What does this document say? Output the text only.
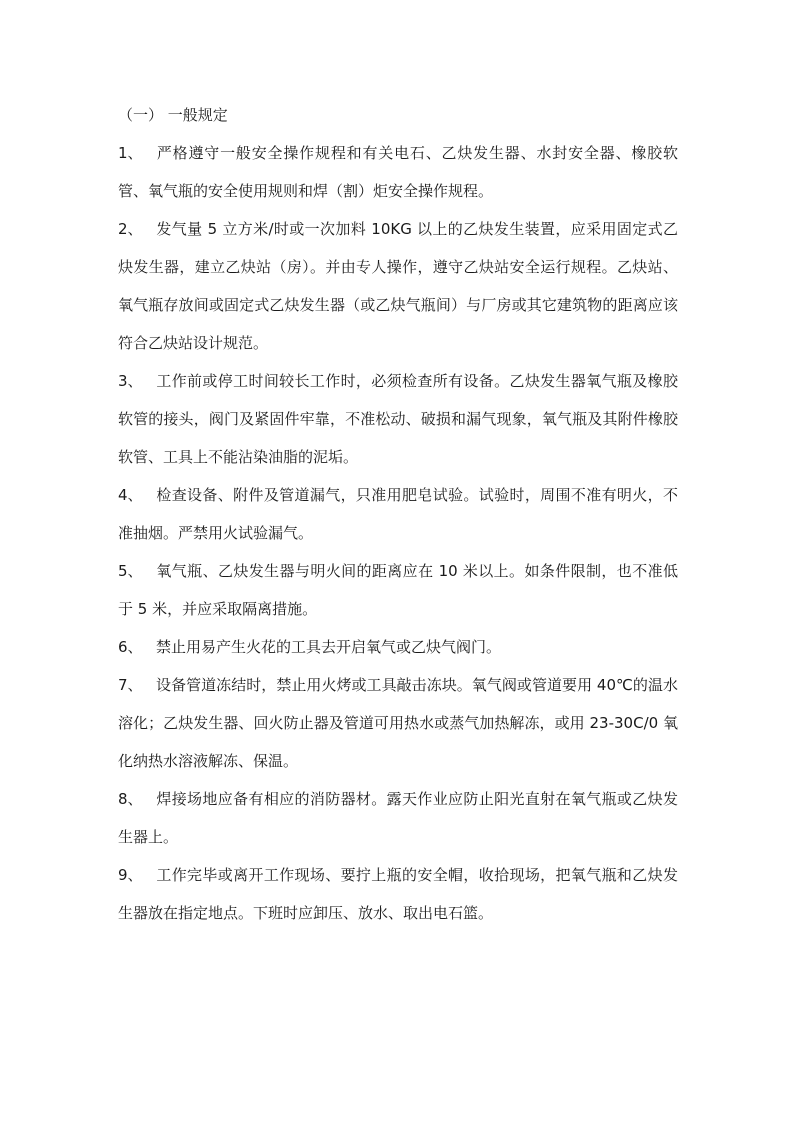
（一） 一般规定

1、 严格遵守一般安全操作规程和有关电石、乙炔发生器、水封安全器、橡胶软管、氧气瓶的安全使用规则和焊（割）炬安全操作规程。

2、 发气量 5 立方米/时或一次加料 10KG 以上的乙炔发生装置，应采用固定式乙炔发生器，建立乙炔站（房）。并由专人操作，遵守乙炔站安全运行规程。乙炔站、氧气瓶存放间或固定式乙炔发生器（或乙炔气瓶间）与厂房或其它建筑物的距离应该符合乙炔站设计规范。

3、 工作前或停工时间较长工作时，必须检查所有设备。乙炔发生器氧气瓶及橡胶软管的接头，阀门及紧固件牢靠，不准松动、破损和漏气现象，氧气瓶及其附件橡胶软管、工具上不能沾染油脂的泥垢。

4、 检查设备、附件及管道漏气，只准用肥皂试验。试验时，周围不准有明火，不准抽烟。严禁用火试验漏气。

5、 氧气瓶、乙炔发生器与明火间的距离应在 10 米以上。如条件限制，也不准低于 5 米，并应采取隔离措施。

6、 禁止用易产生火花的工具去开启氧气或乙炔气阀门。

7、 设备管道冻结时，禁止用火烤或工具敲击冻块。氧气阀或管道要用 40℃的温水溶化；乙炔发生器、回火防止器及管道可用热水或蒸气加热解冻，或用 23-30C/0 氧化纳热水溶液解冻、保温。

8、 焊接场地应备有相应的消防器材。露天作业应防止阳光直射在氧气瓶或乙炔发生器上。

9、 工作完毕或离开工作现场、要拧上瓶的安全帽，收拾现场，把氧气瓶和乙炔发生器放在指定地点。下班时应卸压、放水、取出电石篮。
